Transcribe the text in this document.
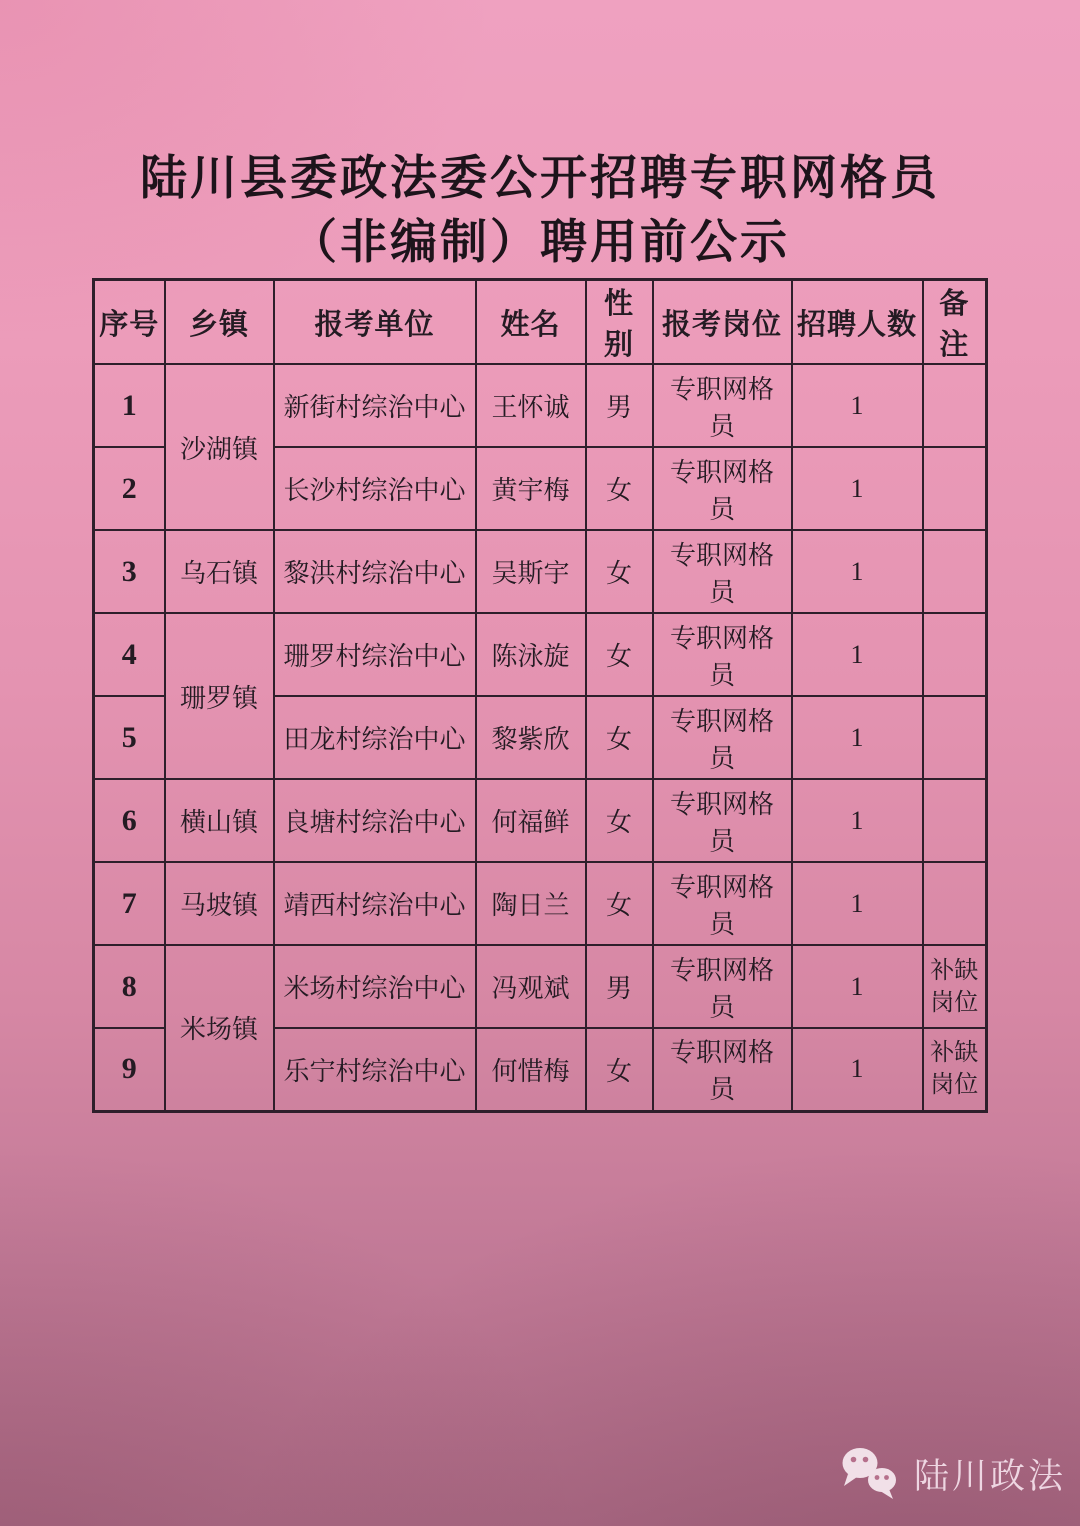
陆川县委政法委公开招聘专职网格员
（非编制）聘用前公示
序号	乡镇	报考单位	姓名	性别	报考岗位	招聘人数	备注
1	沙湖镇	新街村综治中心	王怀诚	男	专职网格员	1	
2		长沙村综治中心	黄宇梅	女	专职网格员	1	
3	乌石镇	黎洪村综治中心	吴斯宇	女	专职网格员	1	
4	珊罗镇	珊罗村综治中心	陈泳旋	女	专职网格员	1	
5		田龙村综治中心	黎紫欣	女	专职网格员	1	
6	横山镇	良塘村综治中心	何福鲜	女	专职网格员	1	
7	马坡镇	靖西村综治中心	陶日兰	女	专职网格员	1	
8	米场镇	米场村综治中心	冯观斌	男	专职网格员	1	补缺岗位
9		乐宁村综治中心	何惜梅	女	专职网格员	1	补缺岗位
陆川政法
